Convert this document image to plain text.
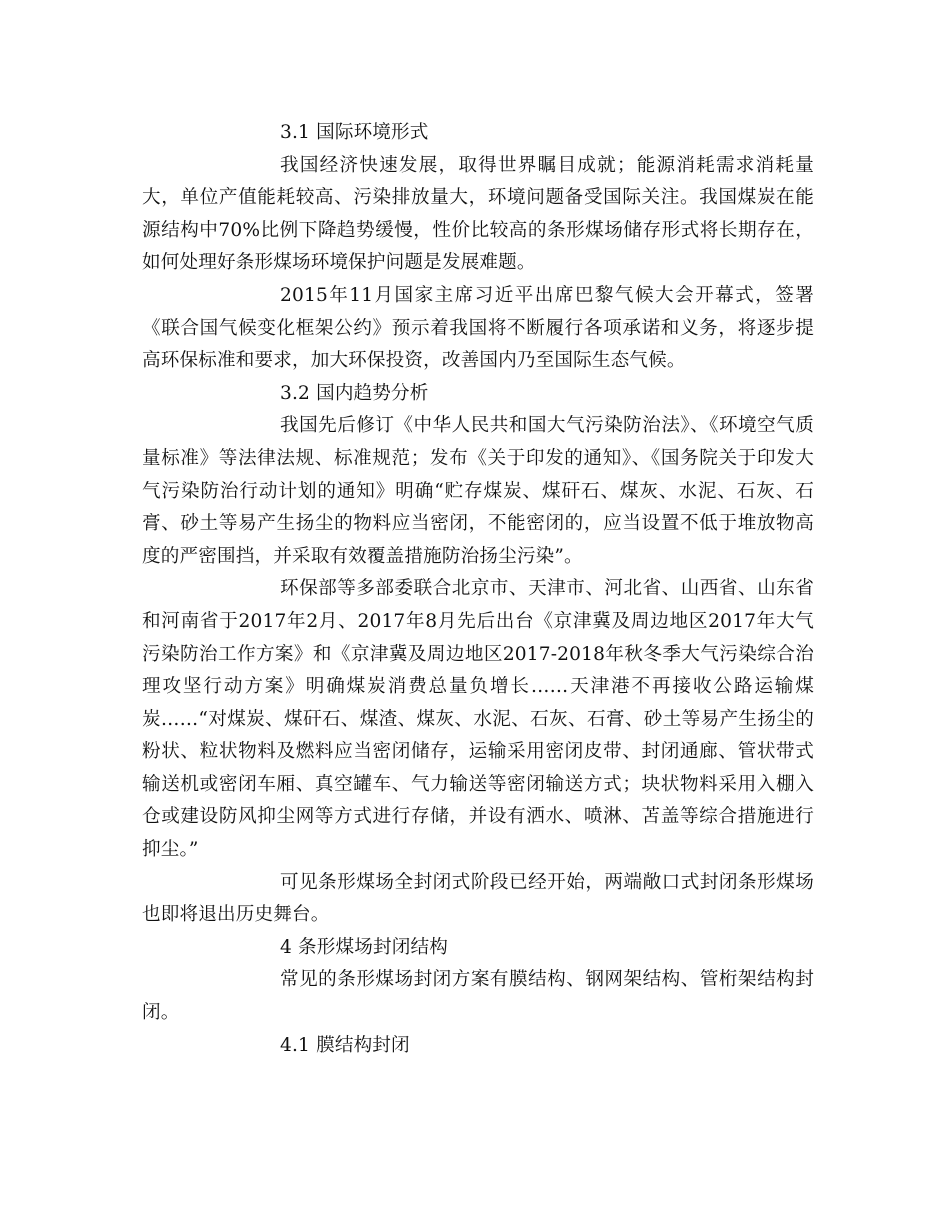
3.1 国际环境形式

我国经济快速发展，取得世界瞩目成就；能源消耗需求消耗量大，单位产值能耗较高、污染排放量大，环境问题备受国际关注。我国煤炭在能源结构中70%比例下降趋势缓慢，性价比较高的条形煤场储存形式将长期存在，如何处理好条形煤场环境保护问题是发展难题。

2015年11月国家主席习近平出席巴黎气候大会开幕式，签署《联合国气候变化框架公约》预示着我国将不断履行各项承诺和义务，将逐步提高环保标准和要求，加大环保投资，改善国内乃至国际生态气候。

3.2 国内趋势分析

我国先后修订《中华人民共和国大气污染防治法》、《环境空气质量标准》等法律法规、标准规范；发布《关于印发的通知》、《国务院关于印发大气污染防治行动计划的通知》明确“贮存煤炭、煤矸石、煤灰、水泥、石灰、石膏、砂土等易产生扬尘的物料应当密闭，不能密闭的，应当设置不低于堆放物高度的严密围挡，并采取有效覆盖措施防治扬尘污染”。

环保部等多部委联合北京市、天津市、河北省、山西省、山东省和河南省于2017年2月、2017年8月先后出台《京津冀及周边地区2017年大气污染防治工作方案》和《京津冀及周边地区2017-2018年秋冬季大气污染综合治理攻坚行动方案》明确煤炭消费总量负增长……天津港不再接收公路运输煤炭……“对煤炭、煤矸石、煤渣、煤灰、水泥、石灰、石膏、砂土等易产生扬尘的粉状、粒状物料及燃料应当密闭储存，运输采用密闭皮带、封闭通廊、管状带式输送机或密闭车厢、真空罐车、气力输送等密闭输送方式；块状物料采用入棚入仓或建设防风抑尘网等方式进行存储，并设有洒水、喷淋、苫盖等综合措施进行抑尘。”

可见条形煤场全封闭式阶段已经开始，两端敞口式封闭条形煤场也即将退出历史舞台。

4 条形煤场封闭结构

常见的条形煤场封闭方案有膜结构、钢网架结构、管桁架结构封闭。

4.1 膜结构封闭
